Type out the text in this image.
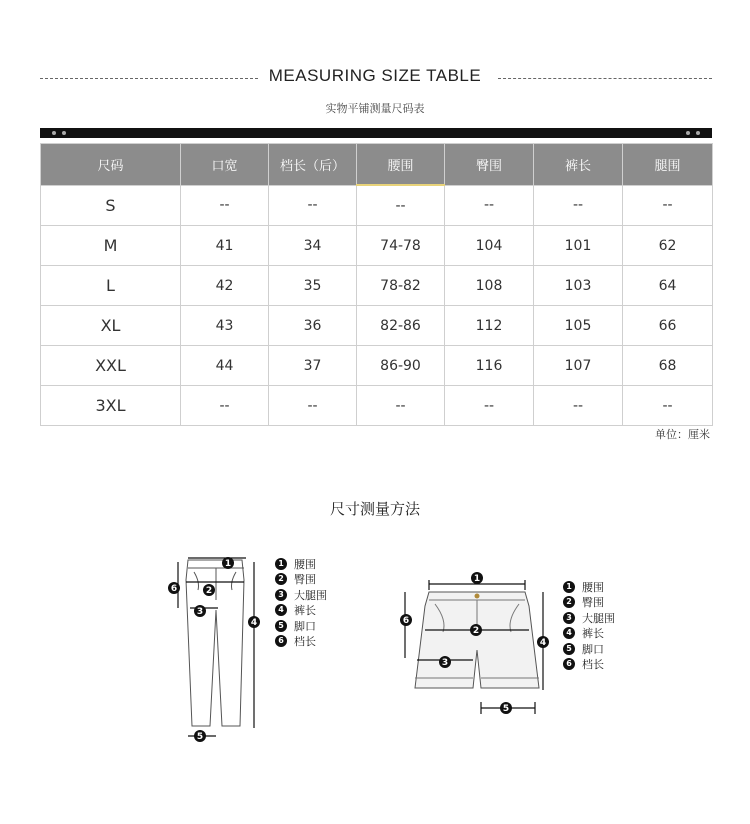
MEASURING SIZE TABLE
实物平铺测量尺码表
尺码	口宽	档长（后）	腰围	臀围	裤长	腿围
S	--	--	--	--	--	--
M	41	34	74-78	104	101	62
L	42	35	78-82	108	103	64
XL	43	36	82-86	112	105	66
XXL	44	37	86-90	116	107	68
3XL	--	--	--	--	--	--
单位：厘米
尺寸测量方法
1
2
3
4
5
6
1 腰围
2 臀围
3 大腿围
4 裤长
5 脚口
6 档长
1
2
3
4
5
6
1 腰围
2 臀围
3 大腿围
4 裤长
5 脚口
6 档长
